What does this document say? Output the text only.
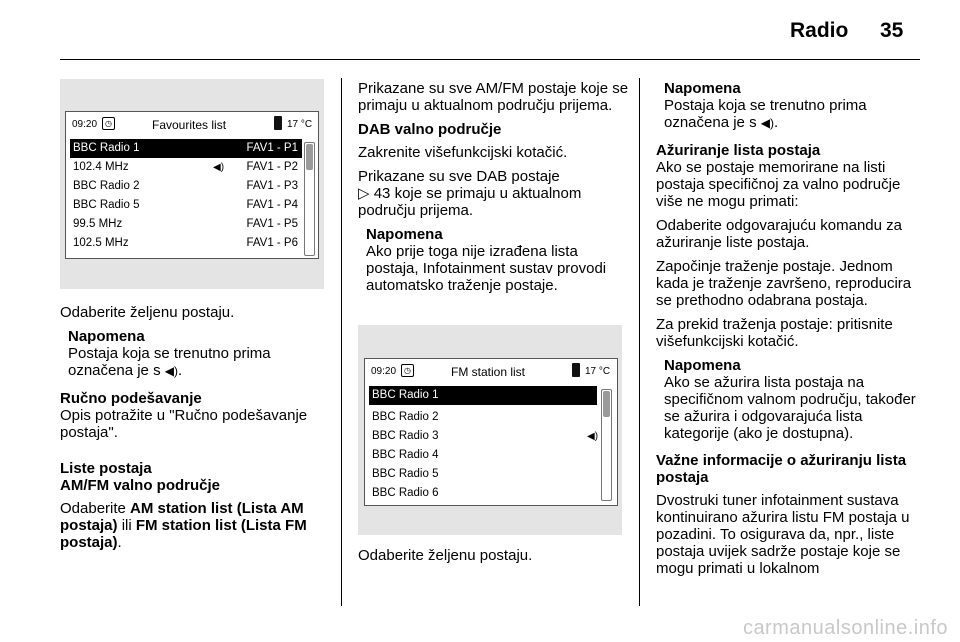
Radio 35
09:20 ◷	Favourites list	17 °C
BBC Radio 1	FAV1 - P1
102.4 MHz	◀) FAV1 - P2
BBC Radio 2	FAV1 - P3
BBC Radio 5	FAV1 - P4
99.5 MHz	FAV1 - P5
102.5 MHz	FAV1 - P6

Odaberite željenu postaju.

Napomena
Postaja koja se trenutno prima označena je s ◀).
Ručno podešavanje

Opis potražite u "Ručno podešavanje postaja".

Liste postaja
AM/FM valno područje

Odaberite AM station list (Lista AM postaja) ili FM station list (Lista FM postaja).

Prikazane su sve AM/FM postaje koje se primaju u aktualnom području prijema.

DAB valno područje

Zakrenite višefunkcijski kotačić.

Prikazane su sve DAB postaje
▷ 43 koje se primaju u aktualnom području prijema.

Napomena
Ako prije toga nije izrađena lista postaja, Infotainment sustav provodi automatsko traženje postaje.
09:20 ◷	FM station list	17 °C
BBC Radio 1
BBC Radio 2
BBC Radio 3	◀)
BBC Radio 4
BBC Radio 5
BBC Radio 6

Odaberite željenu postaju.

Napomena
Postaja koja se trenutno prima označena je s ◀).
Ažuriranje lista postaja

Ako se postaje memorirane na listi postaja specifičnoj za valno područje više ne mogu primati:

Odaberite odgovarajuću komandu za ažuriranje liste postaja.

Započinje traženje postaje. Jednom kada je traženje završeno, reproducira se prethodno odabrana postaja.

Za prekid traženja postaje: pritisnite višefunkcijski kotačić.

Napomena
Ako se ažurira lista postaja na specifičnom valnom području, također se ažurira i odgovarajuća lista kategorije (ako je dostupna).
Važne informacije o ažuriranju lista postaja

Dvostruki tuner infotainment sustava kontinuirano ažurira listu FM postaja u pozadini. To osigurava da, npr., liste postaja uvijek sadrže postaje koje se mogu primati u lokalnom

carmanualsonline.info
